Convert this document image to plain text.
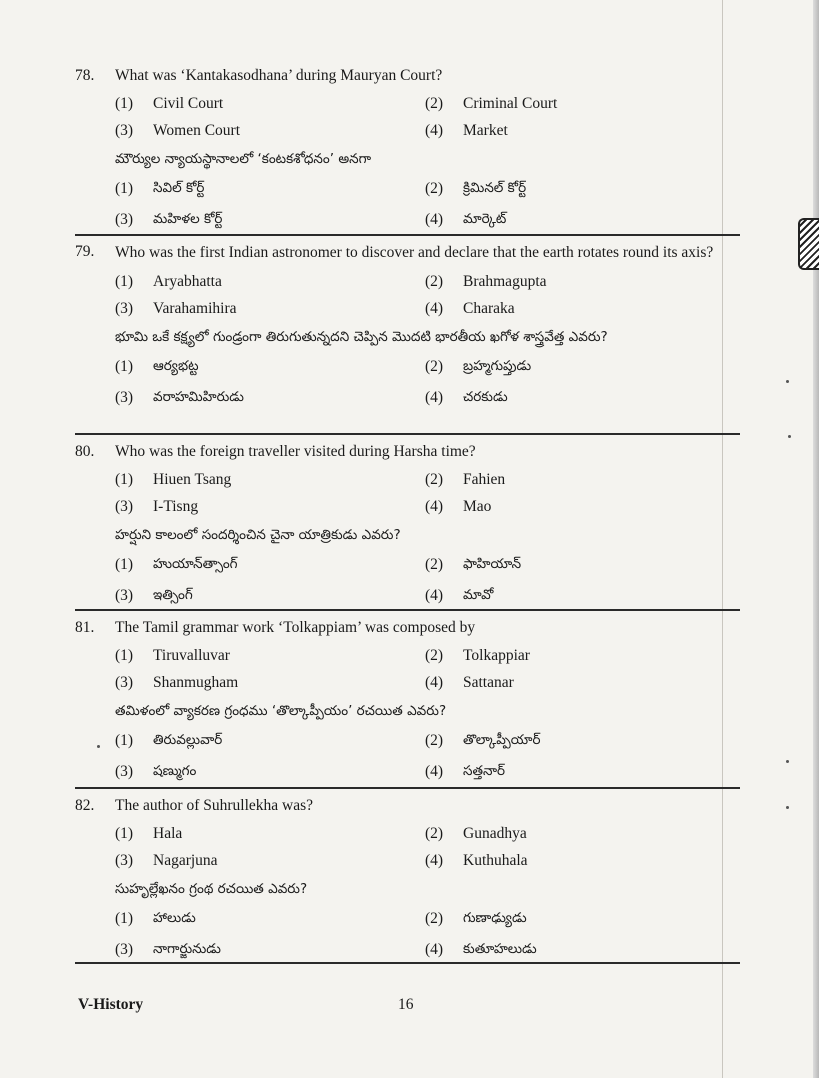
78.	What was ‘Kantakasodhana’ during Mauryan Court?
(1)	Civil Court	(2)	Criminal Court
(3)	Women Court	(4)	Market
మౌర్యుల న్యాయస్థానాలలో ‘కంటకశోధనం’ అనగా
(1)	సివిల్ కోర్ట్	(2)	క్రిమినల్ కోర్ట్
(3)	మహిళల కోర్ట్	(4)	మార్కెట్
79.	Who was the first Indian astronomer to discover and declare that the earth rotates round its axis?
(1)	Aryabhatta	(2)	Brahmagupta
(3)	Varahamihira	(4)	Charaka
భూమి ఒకే కక్ష్యలో గుండ్రంగా తిరుగుతున్నదని చెప్పిన మొదటి భారతీయ ఖగోళ శాస్త్రవేత్త ఎవరు?
(1)	ఆర్యభట్ట	(2)	బ్రహ్మగుప్తుడు
(3)	వరాహమిహిరుడు	(4)	చరకుడు
80.	Who was the foreign traveller visited during Harsha time?
(1)	Hiuen Tsang	(2)	Fahien
(3)	I-Tisng	(4)	Mao
హర్షుని కాలంలో సందర్శించిన చైనా యాత్రికుడు ఎవరు?
(1)	హుయాన్‌త్సాంగ్	(2)	ఫాహియాన్
(3)	ఇత్సింగ్	(4)	మావో
81.	The Tamil grammar work ‘Tolkappiam’ was composed by
(1)	Tiruvalluvar	(2)	Tolkappiar
(3)	Shanmugham	(4)	Sattanar
తమిళంలో వ్యాకరణ గ్రంధము ‘తొల్కాప్పీయం’ రచయిత ఎవరు?
(1)	తిరువల్లువార్	(2)	తొల్కాప్పీయార్
(3)	షణ్ముగం	(4)	సత్తనార్
82.	The author of Suhrullekha was?
(1)	Hala	(2)	Gunadhya
(3)	Nagarjuna	(4)	Kuthuhala
సుహృల్లేఖనం గ్రంథ రచయిత ఎవరు?
(1)	హాలుడు	(2)	గుణాఢ్యుడు
(3)	నాగార్జునుడు	(4)	కుతూహలుడు
V-History	16
